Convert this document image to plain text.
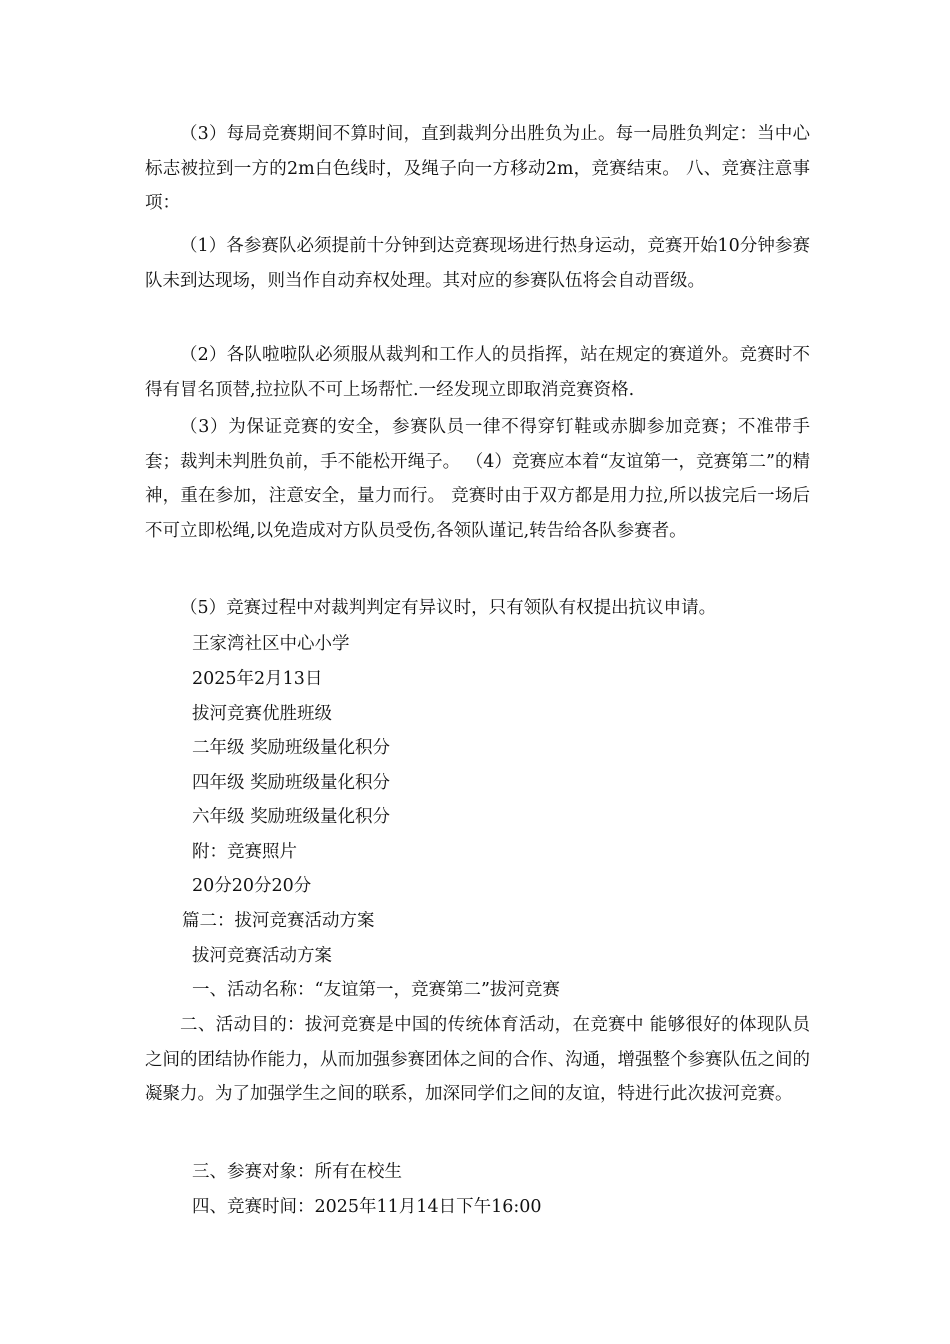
（3）每局竞赛期间不算时间，直到裁判分出胜负为止。每一局胜负判定：当中心标志被拉到一方的2m白色线时，及绳子向一方移动2m，竞赛结束。 八、竞赛注意事项：

（1）各参赛队必须提前十分钟到达竞赛现场进行热身运动，竞赛开始10分钟参赛队未到达现场，则当作自动弃权处理。其对应的参赛队伍将会自动晋级。

（2）各队啦啦队必须服从裁判和工作人的员指挥，站在规定的赛道外。竞赛时不得有冒名顶替,拉拉队不可上场帮忙.一经发现立即取消竞赛资格.

（3）为保证竞赛的安全，参赛队员一律不得穿钉鞋或赤脚参加竞赛；不准带手套；裁判未判胜负前，手不能松开绳子。 （4）竞赛应本着“友谊第一，竞赛第二”的精神，重在参加，注意安全，量力而行。 竞赛时由于双方都是用力拉,所以拔完后一场后不可立即松绳,以免造成对方队员受伤,各领队谨记,转告给各队参赛者。

（5）竞赛过程中对裁判判定有异议时，只有领队有权提出抗议申请。

王家湾社区中心小学

2025年2月13日

拔河竞赛优胜班级

二年级 奖励班级量化积分

四年级 奖励班级量化积分

六年级 奖励班级量化积分

附：竞赛照片

20分20分20分

篇二：拔河竞赛活动方案

拔河竞赛活动方案

一、活动名称：“友谊第一，竞赛第二”拔河竞赛

二、活动目的：拔河竞赛是中国的传统体育活动，在竞赛中 能够很好的体现队员之间的团结协作能力，从而加强参赛团体之间的合作、沟通，增强整个参赛队伍之间的凝聚力。为了加强学生之间的联系，加深同学们之间的友谊，特进行此次拔河竞赛。

三、参赛对象：所有在校生

四、竞赛时间：2025年11月14日下午16:00
